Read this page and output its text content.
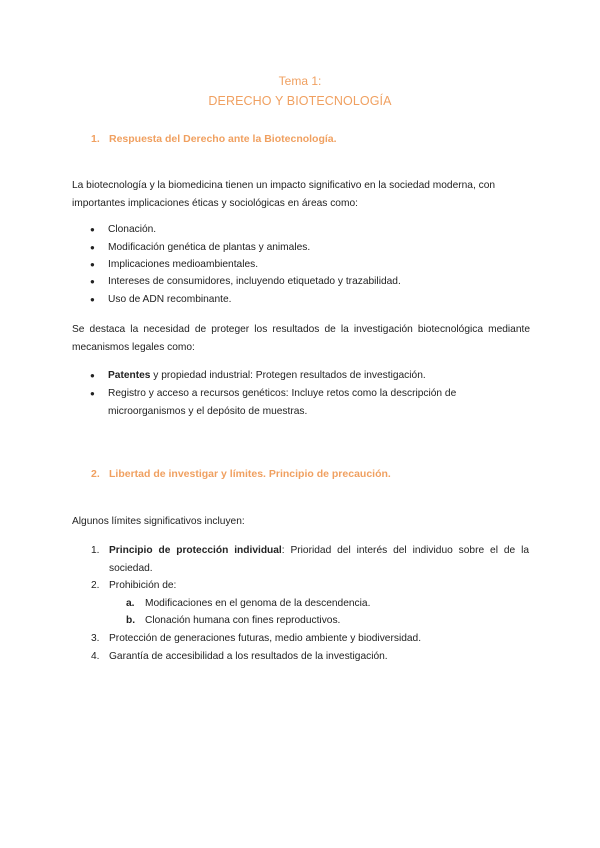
Tema 1:
DERECHO Y BIOTECNOLOGÍA
1. Respuesta del Derecho ante la Biotecnología.
La biotecnología y la biomedicina tienen un impacto significativo en la sociedad moderna, con importantes implicaciones éticas y sociológicas en áreas como:
● Clonación.
● Modificación genética de plantas y animales.
● Implicaciones medioambientales.
● Intereses de consumidores, incluyendo etiquetado y trazabilidad.
● Uso de ADN recombinante.
Se destaca la necesidad de proteger los resultados de la investigación biotecnológica mediante mecanismos legales como:
● Patentes y propiedad industrial: Protegen resultados de investigación.
● Registro y acceso a recursos genéticos: Incluye retos como la descripción de microorganismos y el depósito de muestras.
2. Libertad de investigar y límites. Principio de precaución.
Algunos límites significativos incluyen:
1. Principio de protección individual: Prioridad del interés del individuo sobre el de la sociedad.
2. Prohibición de:
a. Modificaciones en el genoma de la descendencia.
b. Clonación humana con fines reproductivos.
3. Protección de generaciones futuras, medio ambiente y biodiversidad.
4. Garantía de accesibilidad a los resultados de la investigación.
